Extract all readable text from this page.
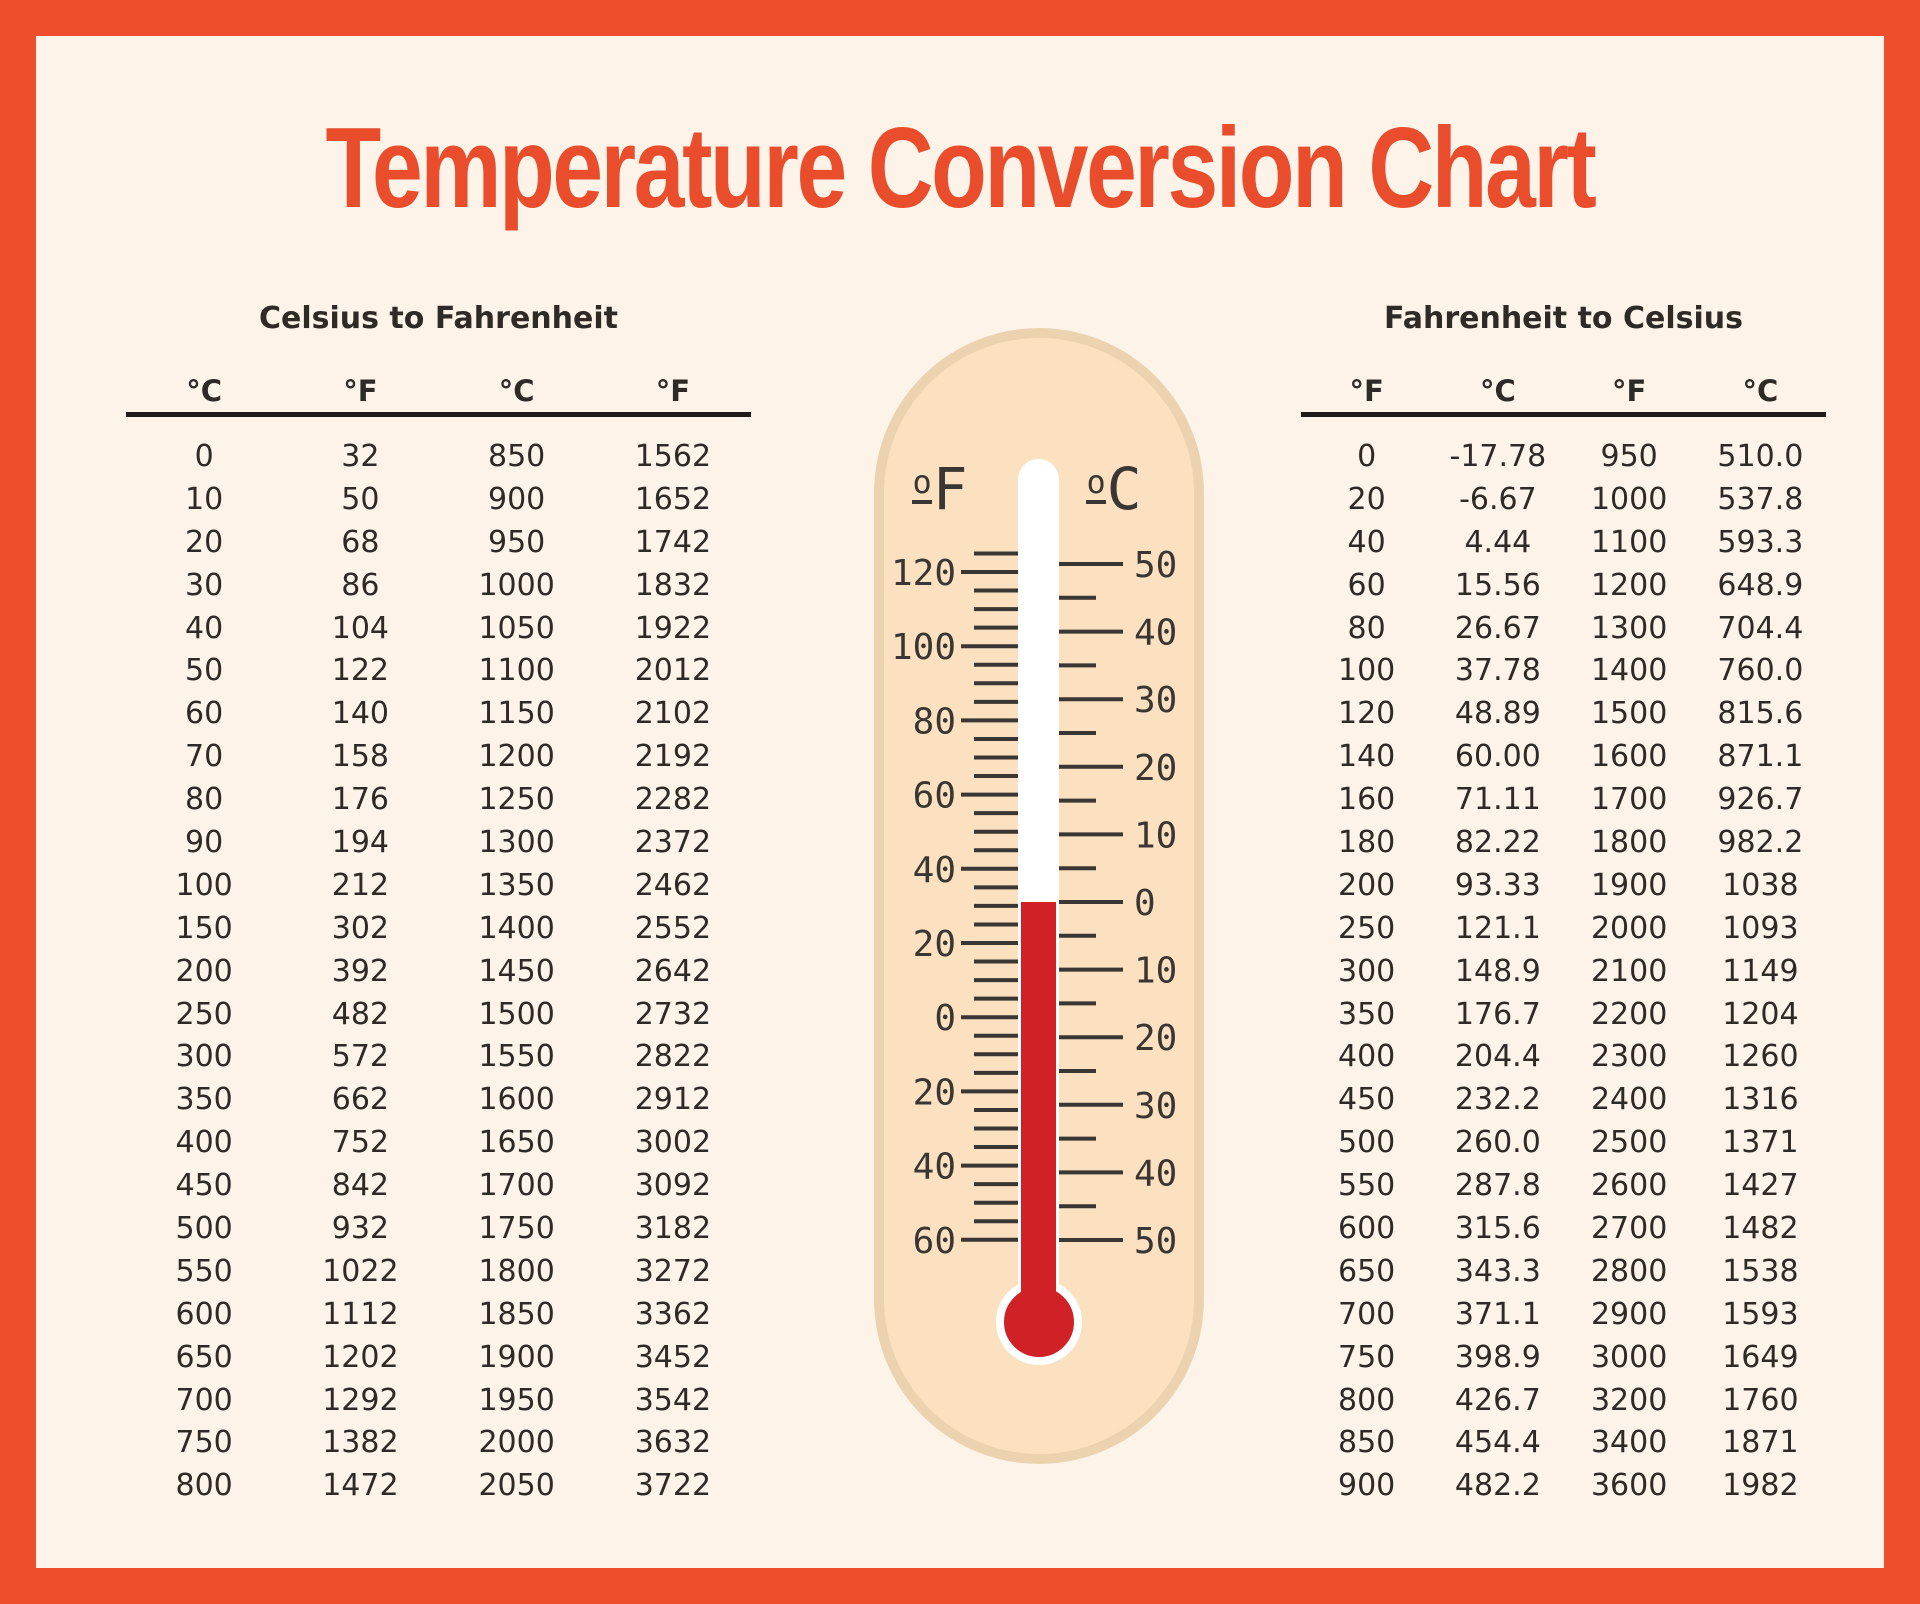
Temperature Conversion Chart
Celsius to Fahrenheit
°C	°F	°C	°F
0	32	850	1562
10	50	900	1652
20	68	950	1742
30	86	1000	1832
40	104	1050	1922
50	122	1100	2012
60	140	1150	2102
70	158	1200	2192
80	176	1250	2282
90	194	1300	2372
100	212	1350	2462
150	302	1400	2552
200	392	1450	2642
250	482	1500	2732
300	572	1550	2822
350	662	1600	2912
400	752	1650	3002
450	842	1700	3092
500	932	1750	3182
550	1022	1800	3272
600	1112	1850	3362
650	1202	1900	3452
700	1292	1950	3542
750	1382	2000	3632
800	1472	2050	3722
Fahrenheit to Celsius
°F	°C	°F	°C
0	-17.78	950	510.0
20	-6.67	1000	537.8
40	4.44	1100	593.3
60	15.56	1200	648.9
80	26.67	1300	704.4
100	37.78	1400	760.0
120	48.89	1500	815.6
140	60.00	1600	871.1
160	71.11	1700	926.7
180	82.22	1800	982.2
200	93.33	1900	1038
250	121.1	2000	1093
300	148.9	2100	1149
350	176.7	2200	1204
400	204.4	2300	1260
450	232.2	2400	1316
500	260.0	2500	1371
550	287.8	2600	1427
600	315.6	2700	1482
650	343.3	2800	1538
700	371.1	2900	1593
750	398.9	3000	1649
800	426.7	3200	1760
850	454.4	3400	1871
900	482.2	3600	1982
oF	oC
120
100
80
60
40
20
0
20
40
60
50
40
30
20
10
0
10
20
30
40
50
